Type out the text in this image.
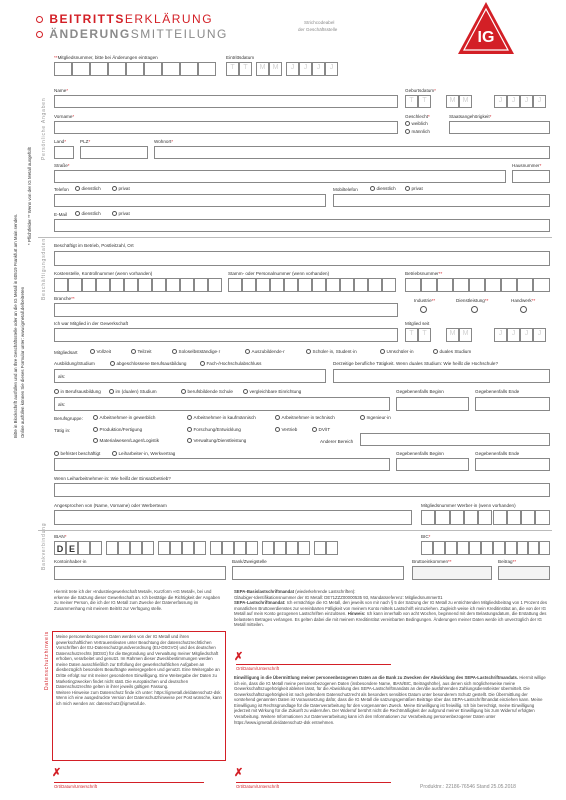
BEITRITTSERKLÄRUNG
ÄNDERUNGSMITTEILUNG
Strichcodeabel
der Geschäftsstelle	IG
Bitte in Blockschrift ausfüllen und an Ihre Geschäftsstelle oder an die IG Metall in 60519 Frankfurt am Main senden. Online ausfüllen können Sie dieses Formular unter: www.igmetall.de/beitreten
* Pflichtfelder ** Wenn von der IG Metall ausgefüllt
Persönliche Angaben
Beschäftigungsdaten
Bankverbindung
**Mitgliedsnummer, bitte bei Änderungen eintragen	Eintrittsdatum
T	T	M	M	J	J	J	J
Name*	Geburtsdatum*
T	T	M	M	J	J	J	J
Vorname*	Geschlecht*
weiblich
männlich
Staatsangehörigkeit*
Land*	PLZ*	Wohnort*
Straße*	Hausnummer*
Telefon	dienstlich	privat	Mobiltelefon	dienstlich	privat
E-Mail	dienstlich	privat
Beschäftigt im Betrieb, Postleitzahl, Ort
Kostenstelle, Kontrollnummer (wenn vorhanden)	Stamm- oder Personalnummer (wenn vorhanden)	Betriebsnummer**
Branche**	Industrie**	Dienstleistung**	Handwerk**
Ich war Mitglied in der Gewerkschaft	Mitglied seit
T	T	M	M	J	J	J	J
Mitgliedsart	Vollzeit	Teilzeit	Soloselbstständige·r	Auszubildende·r	Schüler·in, Student·in	Umschüler·in	duales Studium
Ausbildung/Studium	abgeschlossene Berufsausbildung	Fach-/Hochschulabschluss
als:
Derzeitige berufliche Tätigkeit. Wenn duales Studium: Wie heißt die Hochschule?
in Berufsausbildung	im (dualen) Studium	berufsbildende Schule	vergleichbare Einrichtung	Gegebenenfalls Beginn	Gegebenenfalls Ende
als:
Berufsgruppe:	Arbeitnehmer·in gewerblich	Arbeitnehmer·in kaufmännisch	Arbeitnehmer·in technisch	Ingenieur·in
Tätig in:	Produktion/Fertigung	Forschung/Entwicklung	Vertrieb	DV/IT
Materialwesen/Lager/Logistik	Verwaltung/Dienstleistung	Anderer Bereich
befristet beschäftigt	Leiharbeiter·in, Werkvertrag	Gegebenenfalls Beginn	Gegebenenfalls Ende
Wenn Leiharbeitnehmer·in: Wie heißt der Einsatzbetrieb?
Angesprochen von (Name, Vorname) oder Werberteam	Mitgliedsnummer Werber·in (wenn vorhanden)
IBAN*
D E
BIC*
Kontoinhaber·in	Bank/Zweigstelle	Bruttoeinkommen**	Beitrag**
Hiermit trete ich der »Industriegewerkschaft Metall«, Kurzform »IG Metall«, bei und erkenne die Satzung dieser Gewerkschaft an. Ich bestätige die Richtigkeit der Angaben zu meiner Person, die ich der IG Metall zum Zwecke der Datenerfassung im Zusammenhang mit meinem Beitritt zur Verfügung stelle.
Datenschutzhinweis Meine personenbezogenen Daten werden von der IG Metall und ihren gewerkschaftlichen Vertrauensleuten unter Beachtung der datenschutzrechtlichen Vorschriften der EU-Datenschutzgrundverordnung (EU-DSGVO) und des deutschen Datenschutzrechts (BDSG) für die Begründung und Verwaltung meiner Mitgliedschaft erhoben, verarbeitet und genutzt. Im Rahmen dieser Zweckbestimmungen werden meine Daten ausschließlich zur Erfüllung der gewerkschaftlichen Aufgaben an diesbezüglich besonders Beauftragte weitergegeben und genutzt. Eine Weitergabe an Dritte erfolgt nur mit meiner gesonderten Einwilligung. Eine Weitergabe der Daten zu Marketingzwecken findet nicht statt. Die europäischen und deutschen Datenschutzrechte gelten in ihrer jeweils gültigen Fassung.
Weitere Hinweise zum Datenschutz finde ich unter: https://igmetall.de/datenschutz-dsk
Wenn ich eine ausgedruckte Version der Datenschutzhinweise per Post wünsche, kann ich mich wenden an: datenschutz@igmetall.de.
SEPA-Basislastschriftmandat (wiederkehrende Lastschriften):
Gläubiger-Identifikationsnummer der IG Metall: DE71ZZZ00000535 93, Mandatsreferenz: Mitgliedsnummer01
SEPA-Lastschriftmandat: Ich ermächtige die IG Metall, den jeweils von mir nach § 5 der Satzung der IG Metall zu entrichtenden Mitgliedsbeitrag von 1 Prozent des monatlichen Bruttoverdienstes zur vereinbarten Fälligkeit von meinem Konto mittels Lastschrift einzuziehen. Zugleich weise ich mein Kreditinstitut an, die von der IG Metall auf mein Konto gezogenen Lastschriften einzulösen. Hinweis: Ich kann innerhalb von acht Wochen, beginnend mit dem Belastungsdatum, die Erstattung des belasteten Betrages verlangen. Es gelten dabei die mit meinem Kreditinstitut vereinbarten Bedingungen. Änderungen meiner Daten werde ich unverzüglich der IG Metall mitteilen.
✗
Ort/Datum/Unterschrift
Einwilligung in die Übermittlung meiner personenbezogenen Daten an die Bank zu Zwecken der Abwicklung des SEPA-Lastschriftmandats. Hiermit willige ich ein, dass die IG Metall meine personenbezogenen Daten (insbesondere Name, IBAN/BIC, Beitragshöhe), aus denen sich möglicherweise meine Gewerkschaftszugehörigkeit ableiten lässt, für die Abwicklung des SEPA-Lastschriftmandats an den/die ausführenden Zahlungsdienstleister übermittelt. Die Gewerkschaftszugehörigkeit ist nach geltendem Datenschutzrecht als besonders sensibles Datum unter besonderem Schutz gestellt. Die Übermittlung der vorstehend genannten Daten ist Voraussetzung dafür, dass die IG Metall die satzungsgemäßen Beiträge über das SEPA-Lastschriftmandat einziehen kann. Meine Einwilligung ist Rechtsgrundlage für die Datenverarbeitung für den vorgenannten Zweck. Meine Einwilligung ist freiwillig. Ich bin berechtigt, meine Einwilligung jederzeit mit Wirkung für die Zukunft zu widerrufen. Der Widerruf berührt nicht die Rechtmäßigkeit der aufgrund meiner Einwilligung bis zum Widerruf erfolgten Verarbeitung. Weitere Informationen zur Datenverarbeitung kann ich den Informationen zur Verarbeitung personenbezogener Daten unter https://www.igmetall.de/datenschutz-dsk entnehmen.
✗
Ort/Datum/Unterschrift
✗
Ort/Datum/Unterschrift	Produktnr.: 22186-76546 Stand 25.05.2018
